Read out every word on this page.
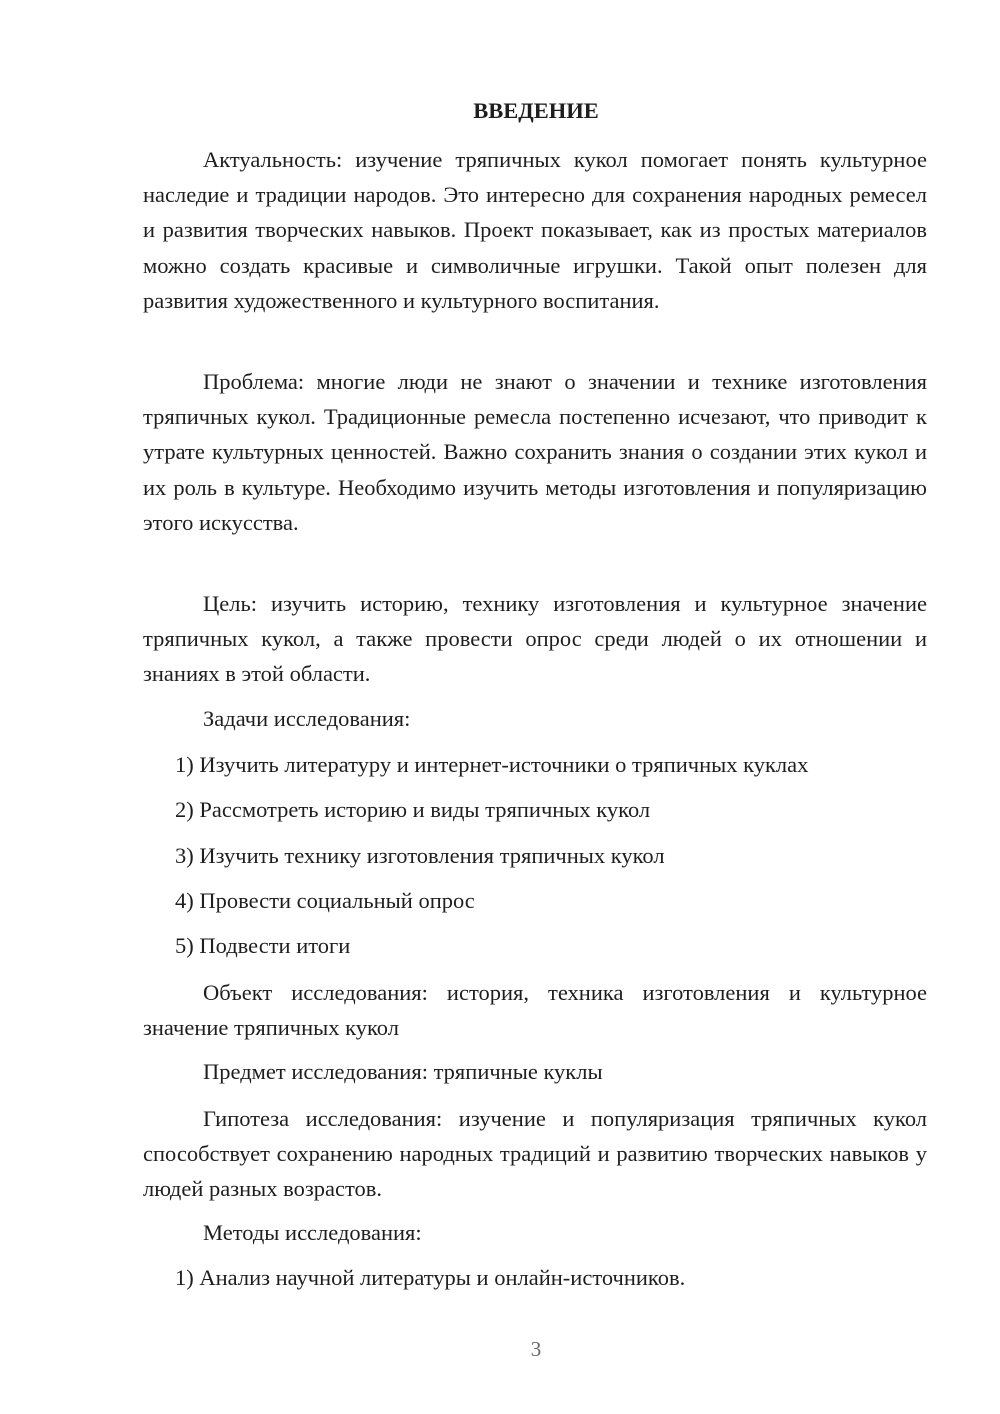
ВВЕДЕНИЕ

Актуальность: изучение тряпичных кукол помогает понять культурное наследие и традиции народов. Это интересно для сохранения народных ремесел и развития творческих навыков. Проект показывает, как из простых материалов можно создать красивые и символичные игрушки. Такой опыт полезен для развития художественного и культурного воспитания.

Проблема: многие люди не знают о значении и технике изготовления тряпичных кукол. Традиционные ремесла постепенно исчезают, что приводит к утрате культурных ценностей. Важно сохранить знания о создании этих кукол и их роль в культуре. Необходимо изучить методы изготовления и популяризацию этого искусства.

Цель: изучить историю, технику изготовления и культурное значение тряпичных кукол, а также провести опрос среди людей о их отношении и знаниях в этой области.

Задачи исследования:

1) Изучить литературу и интернет-источники о тряпичных куклах

2) Рассмотреть историю и виды тряпичных кукол

3) Изучить технику изготовления тряпичных кукол

4) Провести социальный опрос

5) Подвести итоги

Объект исследования: история, техника изготовления и культурное значение тряпичных кукол

Предмет исследования: тряпичные куклы

Гипотеза исследования: изучение и популяризация тряпичных кукол способствует сохранению народных традиций и развитию творческих навыков у людей разных возрастов.

Методы исследования:

1) Анализ научной литературы и онлайн-источников.

3
